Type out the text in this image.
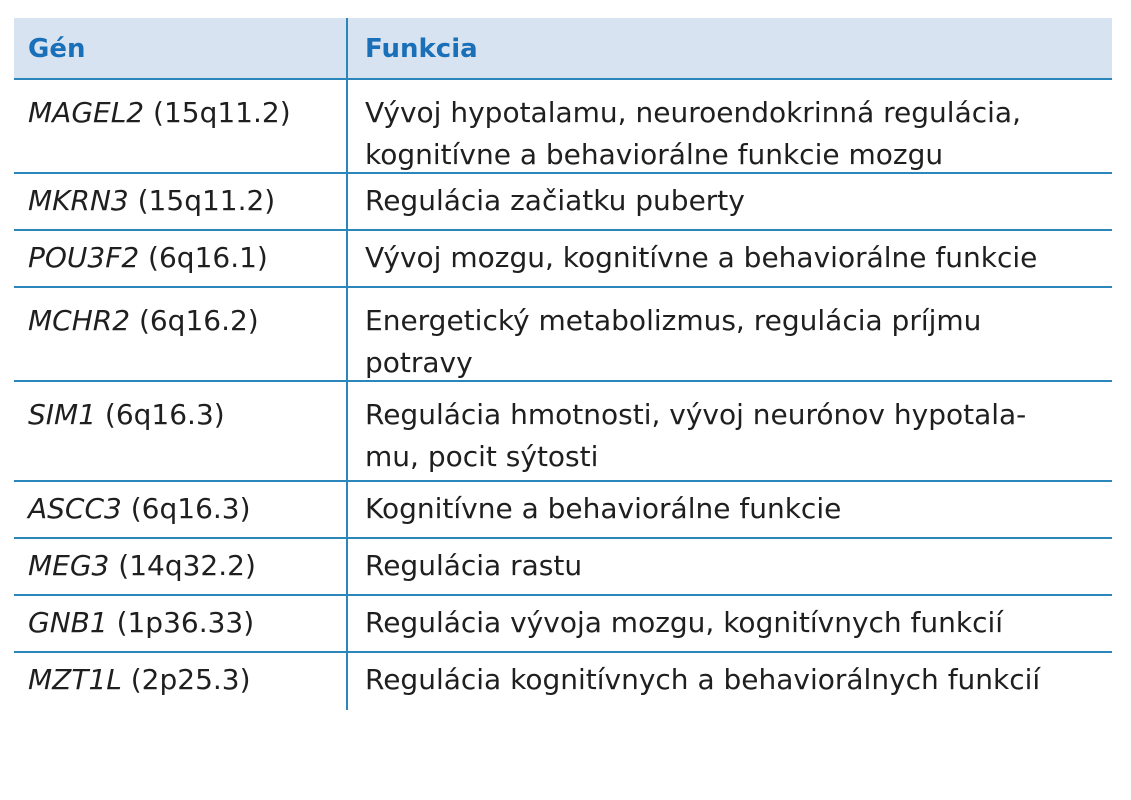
Gén	Funkcia
MAGEL2 (15q11.2)	Vývoj hypotalamu, neuroendokrinná regulácia,
kognitívne a behaviorálne funkcie mozgu
MKRN3 (15q11.2)	Regulácia začiatku puberty
POU3F2 (6q16.1)	Vývoj mozgu, kognitívne a behaviorálne funkcie
MCHR2 (6q16.2)	Energetický metabolizmus, regulácia príjmu
potravy
SIM1 (6q16.3)	Regulácia hmotnosti, vývoj neurónov hypotala-
mu, pocit sýtosti
ASCC3 (6q16.3)	Kognitívne a behaviorálne funkcie
MEG3 (14q32.2)	Regulácia rastu
GNB1 (1p36.33)	Regulácia vývoja mozgu, kognitívnych funkcií
MZT1L (2p25.3)	Regulácia kognitívnych a behaviorálnych funkcií
